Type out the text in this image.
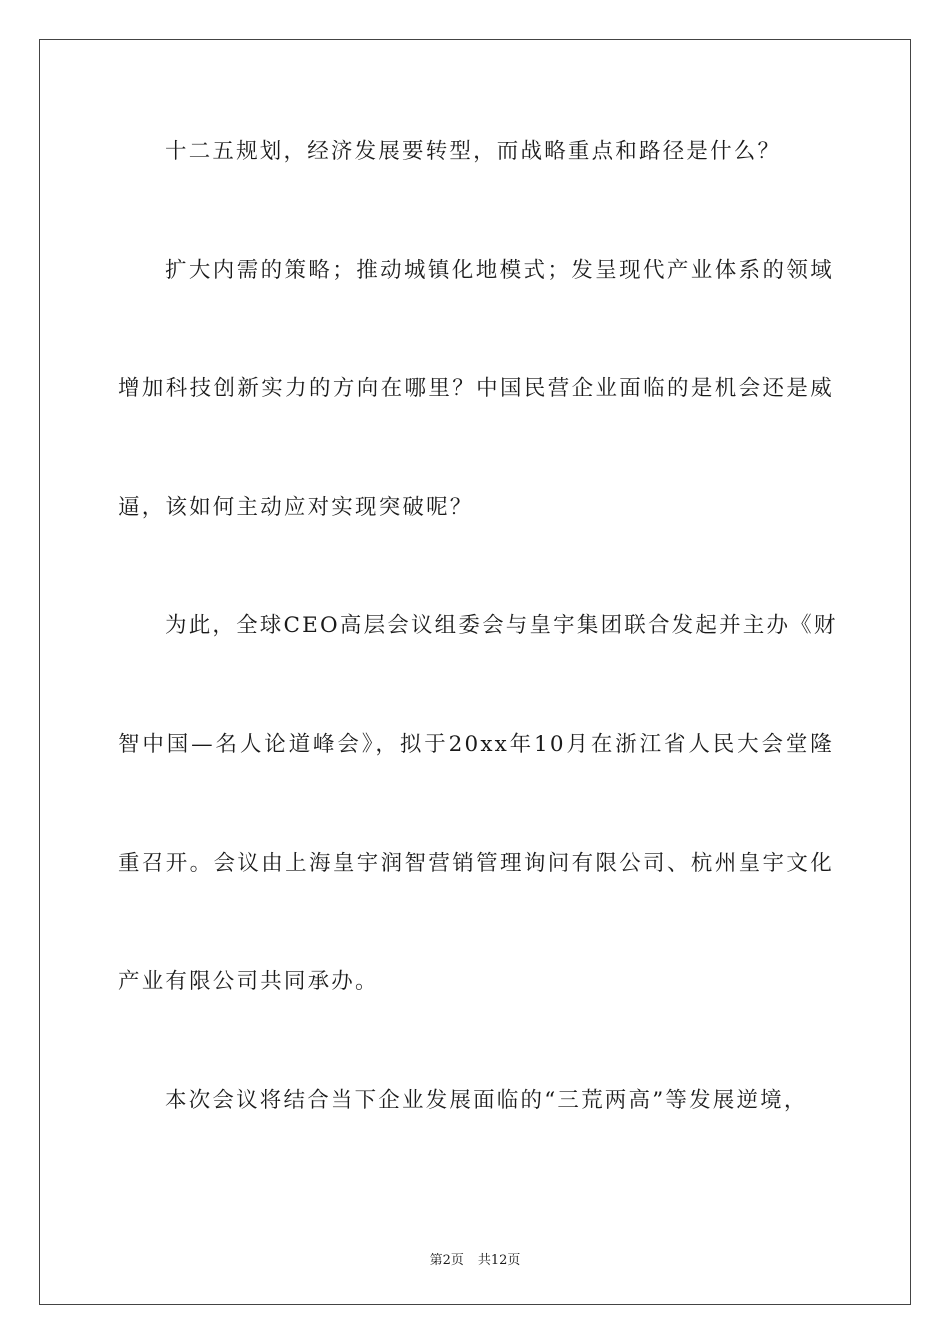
十二五规划，经济发展要转型，而战略重点和路径是什么？
扩大内需的策略；推动城镇化地模式；发呈现代产业体系的领域
增加科技创新实力的方向在哪里？中国民营企业面临的是机会还是威
逼，该如何主动应对实现突破呢？
为此，全球CEO高层会议组委会与皇宇集团联合发起并主办《财
智中国—名人论道峰会》，拟于20xx年10月在浙江省人民大会堂隆
重召开。会议由上海皇宇润智营销管理询问有限公司、杭州皇宇文化
产业有限公司共同承办。
本次会议将结合当下企业发展面临的“三荒两高”等发展逆境，
第2页 共12页
